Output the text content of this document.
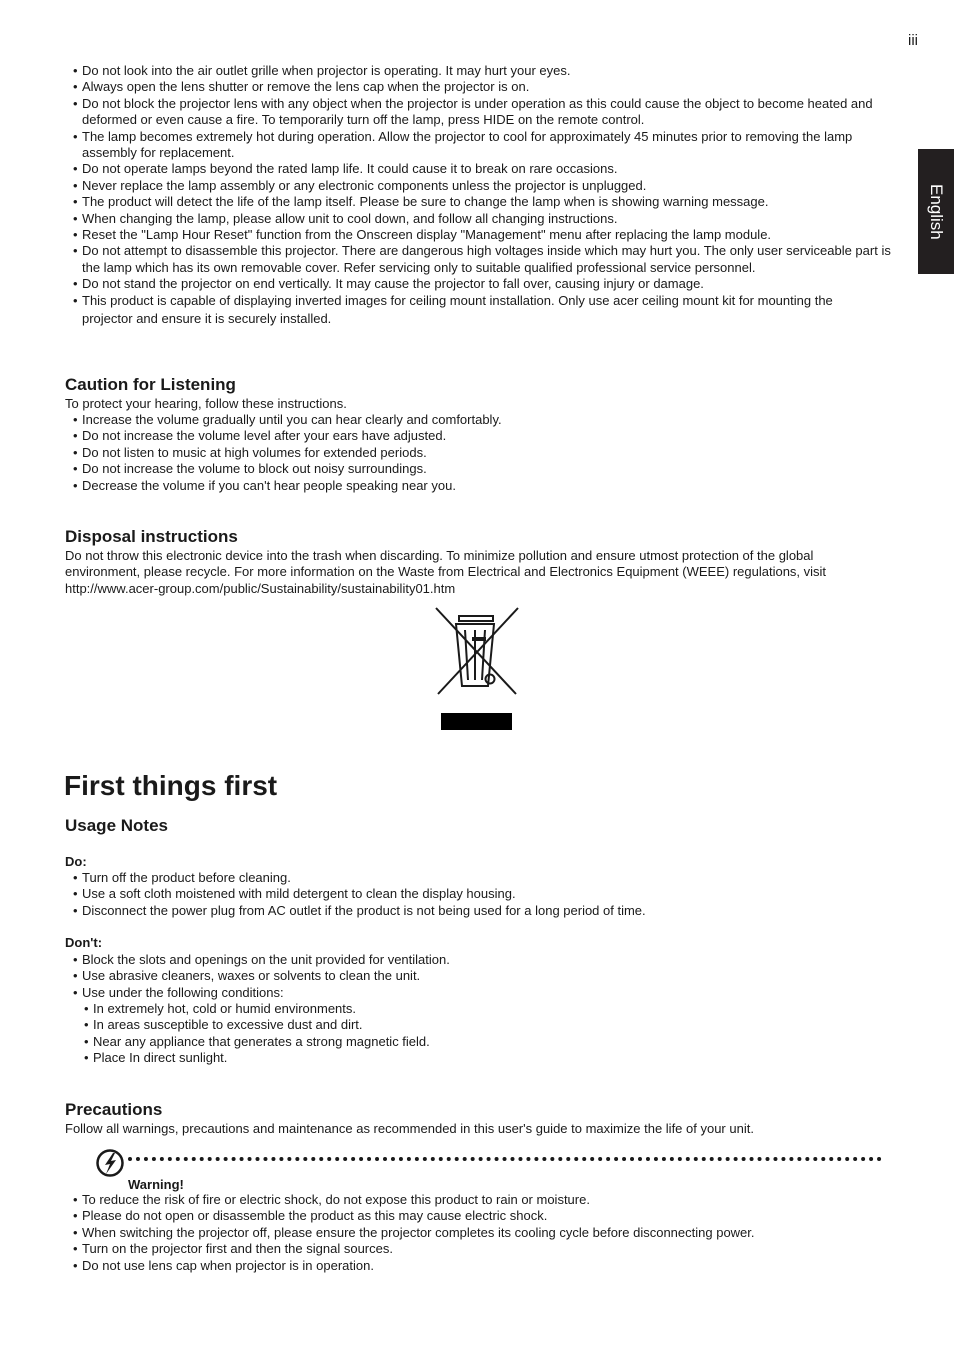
iii
English
• Do not look into the air outlet grille when projector is operating. It may hurt your eyes.
• Always open the lens shutter or remove the lens cap when the projector is on.
• Do not block the projector lens with any object when the projector is under operation as this could cause the object to become heated and deformed or even cause a fire. To temporarily turn off the lamp, press HIDE on the remote control.
• The lamp becomes extremely hot during operation. Allow the projector to cool for approximately 45 minutes prior to removing the lamp assembly for replacement.
• Do not operate lamps beyond the rated lamp life. It could cause it to break on rare occasions.
• Never replace the lamp assembly or any electronic components unless the projector is unplugged.
• The product will detect the life of the lamp itself. Please be sure to change the lamp when is showing warning message.
• When changing the lamp, please allow unit to cool down, and follow all changing instructions.
• Reset the "Lamp Hour Reset" function from the Onscreen display "Management" menu after replacing the lamp module.
• Do not attempt to disassemble this projector. There are dangerous high voltages inside which may hurt you. The only user serviceable part is the lamp which has its own removable cover. Refer servicing only to suitable qualified professional service personnel.
• Do not stand the projector on end vertically. It may cause the projector to fall over, causing injury or damage.
• This product is capable of displaying inverted images for ceiling mount installation. Only use acer ceiling mount kit for mounting the
projector and ensure it is securely installed.
Caution for Listening

To protect your hearing, follow these instructions.

• Increase the volume gradually until you can hear clearly and comfortably.
• Do not increase the volume level after your ears have adjusted.
• Do not listen to music at high volumes for extended periods.
• Do not increase the volume to block out noisy surroundings.
• Decrease the volume if you can't hear people speaking near you.
Disposal instructions

Do not throw this electronic device into the trash when discarding. To minimize pollution and ensure utmost protection of the global environment, please recycle. For more information on the Waste from Electrical and Electronics Equipment (WEEE) regulations, visit http://www.acer-group.com/public/Sustainability/sustainability01.htm

First things first
Usage Notes

Do:

• Turn off the product before cleaning.
• Use a soft cloth moistened with mild detergent to clean the display housing.
• Disconnect the power plug from AC outlet if the product is not being used for a long period of time.

Don't:

• Block the slots and openings on the unit provided for ventilation.
• Use abrasive cleaners, waxes or solvents to clean the unit.
• Use under the following conditions:
• In extremely hot, cold or humid environments.
• In areas susceptible to excessive dust and dirt.
• Near any appliance that generates a strong magnetic field.
• Place In direct sunlight.
Precautions

Follow all warnings, precautions and maintenance as recommended in this user's guide to maximize the life of your unit.

Warning!

• To reduce the risk of fire or electric shock, do not expose this product to rain or moisture.
• Please do not open or disassemble the product as this may cause electric shock.
• When switching the projector off, please ensure the projector completes its cooling cycle before disconnecting power.
• Turn on the projector first and then the signal sources.
• Do not use lens cap when projector is in operation.
